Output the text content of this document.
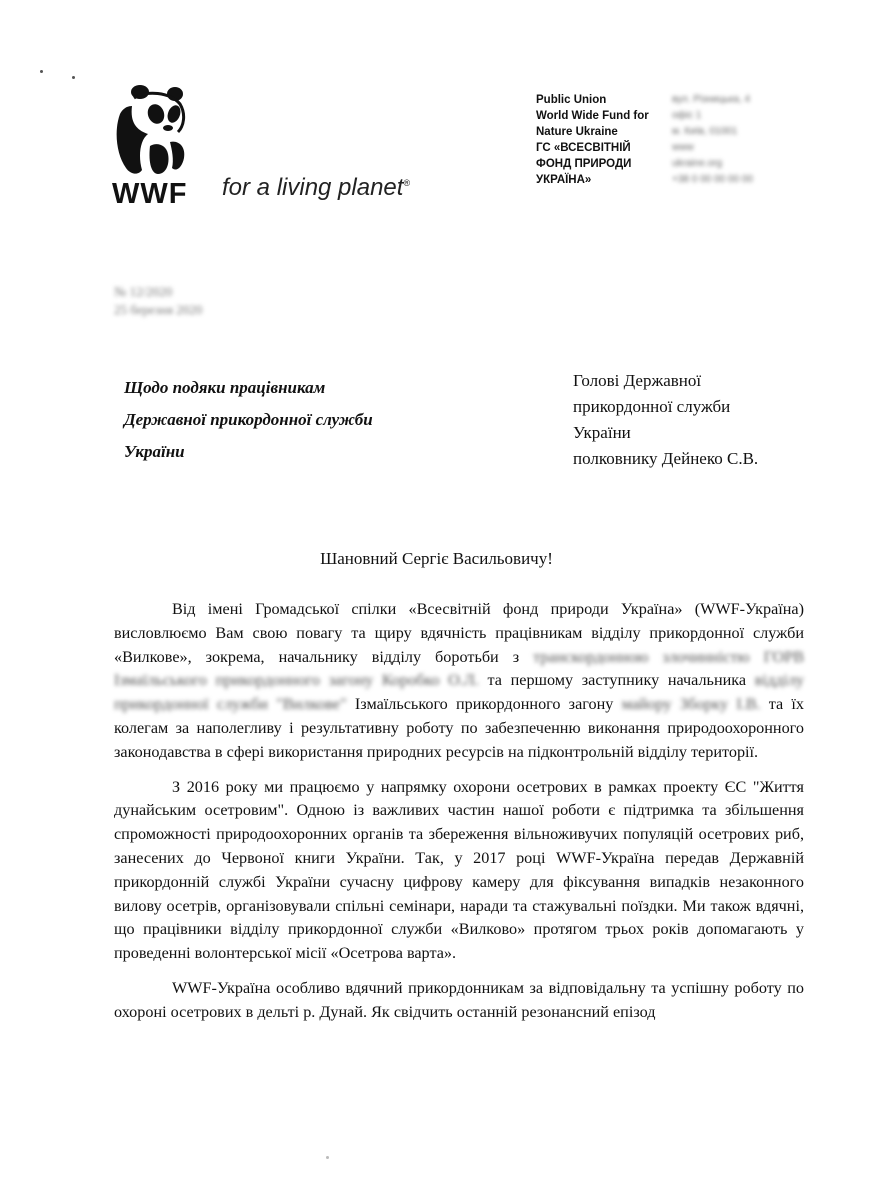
WWF	for a living planet®
Public Union
World Wide Fund for
Nature Ukraine
ГС «ВСЕСВІТНІЙ
ФОНД ПРИРОДИ
УКРАЇНА»
вул. Різницька, 4
офіс 1
м. Київ, 01001
www
ukraine.org
+38 0 00 00 00 00
№ 12/2020
25 березня 2020
Щодо подяки працівникам
Державної прикордонної служби
України
Голові Державної
прикордонної служби
України
полковнику Дейнеко С.В.
Шановний Сергіє Васильовичу!

Від імені Громадської спілки «Всесвітній фонд природи Україна» (WWF-Україна) висловлюємо Вам свою повагу та щиру вдячність працівникам відділу прикордонної служби «Вилкове», зокрема, начальнику відділу боротьби з транскордонною злочинністю ГОРВ Ізмаїльського прикордонного загону Коробко О.Л. та першому заступнику начальника відділу прикордонної служби "Вилкове" Ізмаїльського прикордонного загону майору Зборку І.В. та їх колегам за наполегливу і результативну роботу по забезпеченню виконання природоохоронного законодавства в сфері використання природних ресурсів на підконтрольній відділу території.

З 2016 року ми працюємо у напрямку охорони осетрових в рамках проекту ЄС "Життя дунайським осетровим". Одною із важливих частин нашої роботи є підтримка та збільшення спроможності природоохоронних органів та збереження вільноживучих популяцій осетрових риб, занесених до Червоної книги України. Так, у 2017 році WWF-Україна передав Державній прикордонній службі України сучасну цифрову камеру для фіксування випадків незаконного вилову осетрів, організовували спільні семінари, наради та стажувальні поїздки. Ми також вдячні, що працівники відділу прикордонної служби «Вилково» протягом трьох років допомагають у проведенні волонтерської місії «Осетрова варта».

WWF-Україна особливо вдячний прикордонникам за відповідальну та успішну роботу по охороні осетрових в дельті р. Дунай. Як свідчить останній резонансний епізод
